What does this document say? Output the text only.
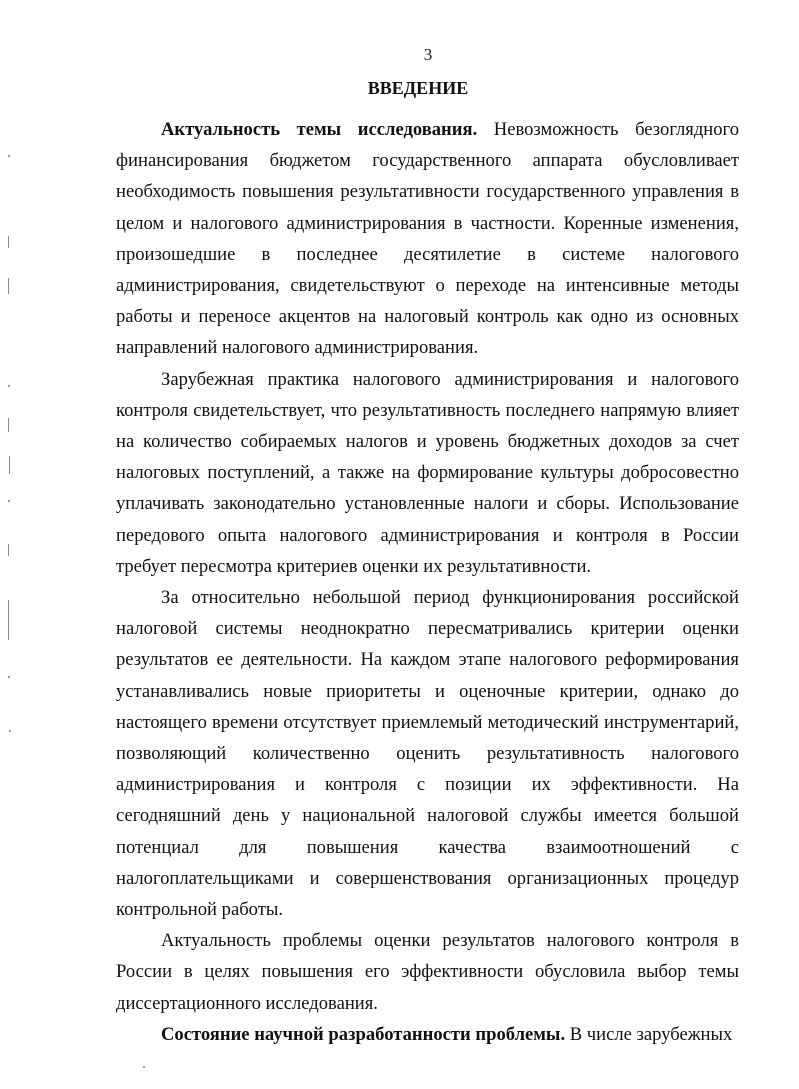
3
ВВЕДЕНИЕ

Актуальность темы исследования. Невозможность безоглядного финансирования бюджетом государственного аппарата обусловливает необходимость повышения результативности государственного управления в целом и налогового администрирования в частности. Коренные изменения, произошедшие в последнее десятилетие в системе налогового администрирования, свидетельствуют о переходе на интенсивные методы работы и переносе акцентов на налоговый контроль как одно из основных направлений налогового администрирования.

Зарубежная практика налогового администрирования и налогового контроля свидетельствует, что результативность последнего напрямую влияет на количество собираемых налогов и уровень бюджетных доходов за счет налоговых поступлений, а также на формирование культуры добросовестно уплачивать законодательно установленные налоги и сборы. Использование передового опыта налогового администрирования и контроля в России требует пересмотра критериев оценки их результативности.

За относительно небольшой период функционирования российской налоговой системы неоднократно пересматривались критерии оценки результатов ее деятельности. На каждом этапе налогового реформирования устанавливались новые приоритеты и оценочные критерии, однако до настоящего времени отсутствует приемлемый методический инструментарий, позволяющий количественно оценить результативность налогового администрирования и контроля с позиции их эффективности. На сегодняшний день у национальной налоговой службы имеется большой потенциал для повышения качества взаимоотношений с налогоплательщиками и совершенствования организационных процедур контрольной работы.

Актуальность проблемы оценки результатов налогового контроля в России в целях повышения его эффективности обусловила выбор темы диссертационного исследования.

Состояние научной разработанности проблемы. В числе зарубежных
